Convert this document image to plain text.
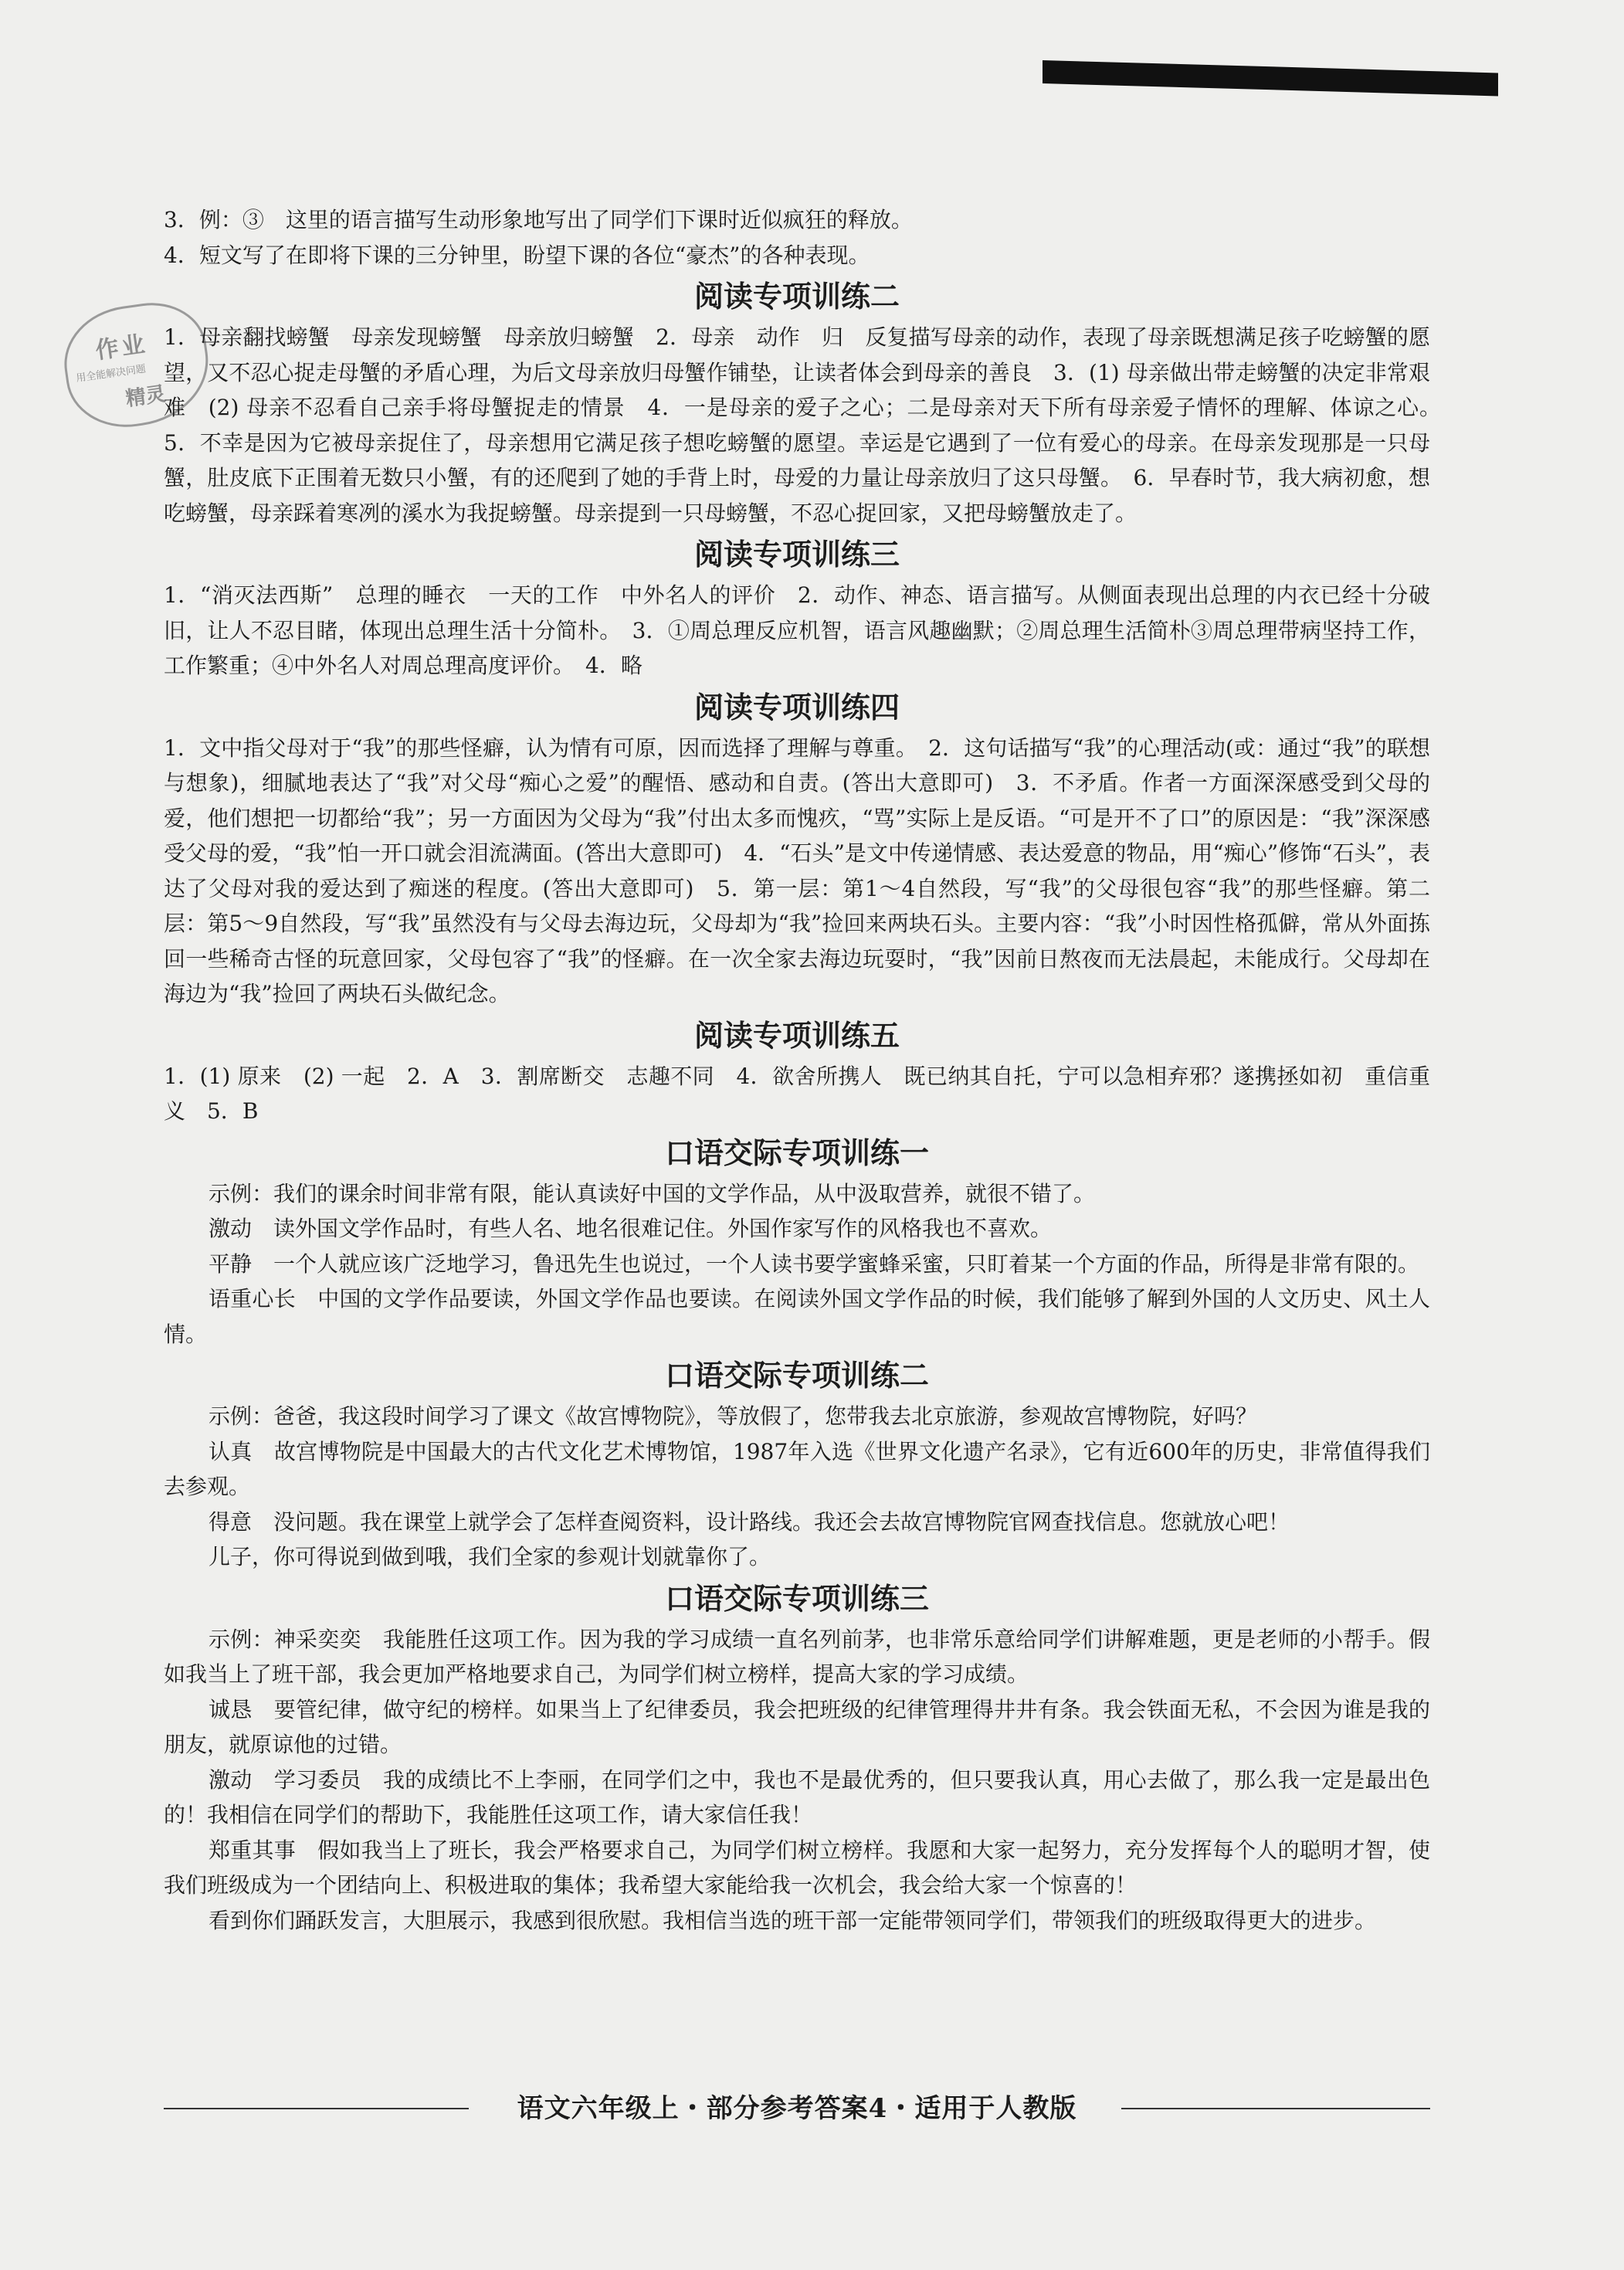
作业
用全能解决问题
精灵

3．例：③　这里的语言描写生动形象地写出了同学们下课时近似疯狂的释放。

4．短文写了在即将下课的三分钟里，盼望下课的各位“豪杰”的各种表现。

阅读专项训练二

1．母亲翻找螃蟹　母亲发现螃蟹　母亲放归螃蟹　2．母亲　动作　归　反复描写母亲的动作，表现了母亲既想满足孩子吃螃蟹的愿望，又不忍心捉走母蟹的矛盾心理，为后文母亲放归母蟹作铺垫，让读者体会到母亲的善良　3．(1) 母亲做出带走螃蟹的决定非常艰难　(2) 母亲不忍看自己亲手将母蟹捉走的情景　4．一是母亲的爱子之心；二是母亲对天下所有母亲爱子情怀的理解、体谅之心。　5．不幸是因为它被母亲捉住了，母亲想用它满足孩子想吃螃蟹的愿望。幸运是它遇到了一位有爱心的母亲。在母亲发现那是一只母蟹，肚皮底下正围着无数只小蟹，有的还爬到了她的手背上时，母爱的力量让母亲放归了这只母蟹。　6．早春时节，我大病初愈，想吃螃蟹，母亲踩着寒冽的溪水为我捉螃蟹。母亲提到一只母螃蟹，不忍心捉回家，又把母螃蟹放走了。

阅读专项训练三

1．“消灭法西斯”　总理的睡衣　一天的工作　中外名人的评价　2．动作、神态、语言描写。从侧面表现出总理的内衣已经十分破旧，让人不忍目睹，体现出总理生活十分简朴。　3．①周总理反应机智，语言风趣幽默；②周总理生活简朴③周总理带病坚持工作，工作繁重；④中外名人对周总理高度评价。　4．略

阅读专项训练四

1．文中指父母对于“我”的那些怪癖，认为情有可原，因而选择了理解与尊重。　2．这句话描写“我”的心理活动(或：通过“我”的联想与想象)，细腻地表达了“我”对父母“痴心之爱”的醒悟、感动和自责。(答出大意即可)　3．不矛盾。作者一方面深深感受到父母的爱，他们想把一切都给“我”；另一方面因为父母为“我”付出太多而愧疚，“骂”实际上是反语。“可是开不了口”的原因是：“我”深深感受父母的爱，“我”怕一开口就会泪流满面。(答出大意即可)　4．“石头”是文中传递情感、表达爱意的物品，用“痴心”修饰“石头”，表达了父母对我的爱达到了痴迷的程度。(答出大意即可)　5．第一层：第1～4自然段，写“我”的父母很包容“我”的那些怪癖。第二层：第5～9自然段，写“我”虽然没有与父母去海边玩，父母却为“我”捡回来两块石头。主要内容：“我”小时因性格孤僻，常从外面拣回一些稀奇古怪的玩意回家，父母包容了“我”的怪癖。在一次全家去海边玩耍时，“我”因前日熬夜而无法晨起，未能成行。父母却在海边为“我”捡回了两块石头做纪念。

阅读专项训练五

1．(1) 原来　(2) 一起　2．A　3．割席断交　志趣不同　4．欲舍所携人　既已纳其自托，宁可以急相弃邪？遂携拯如初　重信重义　5．B

口语交际专项训练一

示例：我们的课余时间非常有限，能认真读好中国的文学作品，从中汲取营养，就很不错了。

激动　读外国文学作品时，有些人名、地名很难记住。外国作家写作的风格我也不喜欢。

平静　一个人就应该广泛地学习，鲁迅先生也说过，一个人读书要学蜜蜂采蜜，只盯着某一个方面的作品，所得是非常有限的。

语重心长　中国的文学作品要读，外国文学作品也要读。在阅读外国文学作品的时候，我们能够了解到外国的人文历史、风土人情。

口语交际专项训练二

示例：爸爸，我这段时间学习了课文《故宫博物院》，等放假了，您带我去北京旅游，参观故宫博物院，好吗？

认真　故宫博物院是中国最大的古代文化艺术博物馆，1987年入选《世界文化遗产名录》，它有近600年的历史，非常值得我们去参观。

得意　没问题。我在课堂上就学会了怎样查阅资料，设计路线。我还会去故宫博物院官网查找信息。您就放心吧！

儿子，你可得说到做到哦，我们全家的参观计划就靠你了。

口语交际专项训练三

示例：神采奕奕　我能胜任这项工作。因为我的学习成绩一直名列前茅，也非常乐意给同学们讲解难题，更是老师的小帮手。假如我当上了班干部，我会更加严格地要求自己，为同学们树立榜样，提高大家的学习成绩。

诚恳　要管纪律，做守纪的榜样。如果当上了纪律委员，我会把班级的纪律管理得井井有条。我会铁面无私，不会因为谁是我的朋友，就原谅他的过错。

激动　学习委员　我的成绩比不上李丽，在同学们之中，我也不是最优秀的，但只要我认真，用心去做了，那么我一定是最出色的！我相信在同学们的帮助下，我能胜任这项工作，请大家信任我！

郑重其事　假如我当上了班长，我会严格要求自己，为同学们树立榜样。我愿和大家一起努力，充分发挥每个人的聪明才智，使我们班级成为一个团结向上、积极进取的集体；我希望大家能给我一次机会，我会给大家一个惊喜的！

看到你们踊跃发言，大胆展示，我感到很欣慰。我相信当选的班干部一定能带领同学们，带领我们的班级取得更大的进步。

语文六年级上・部分参考答案4・适用于人教版
